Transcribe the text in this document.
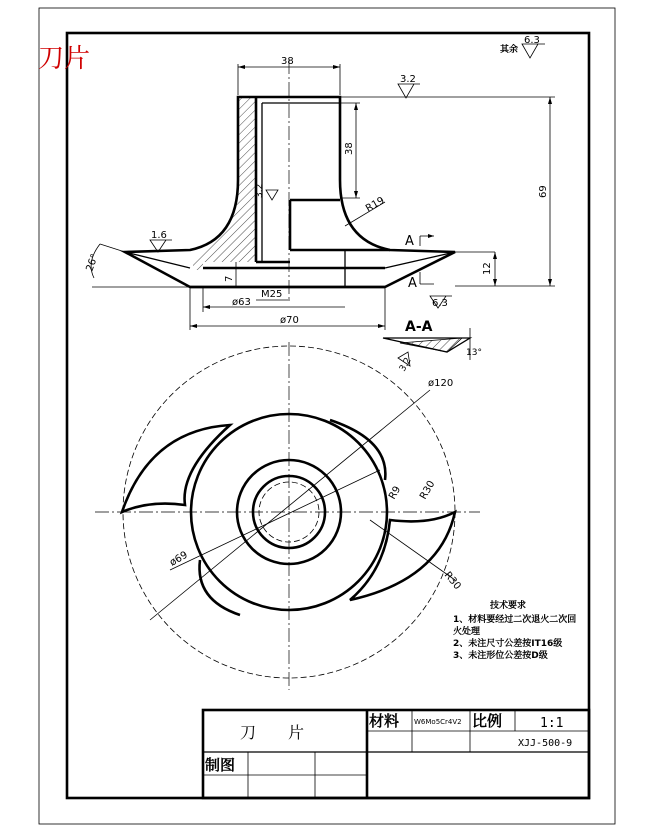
刀片	其余
6.3
38
3.2
38
69
12
7
3.2
R19
26°
1.6	A
A
6.3
M25
ø63
ø70	A-A
13°
3.2
ø120
ø69
R9 R30
R30
技术要求
1、材料要经过二次退火二次回
火处理
2、未注尺寸公差按IT16级
3、未注形位公差按D级
刀　　片
材料 W6Mo5Cr4V2 比例	1:1
XJJ-500-9
制图
